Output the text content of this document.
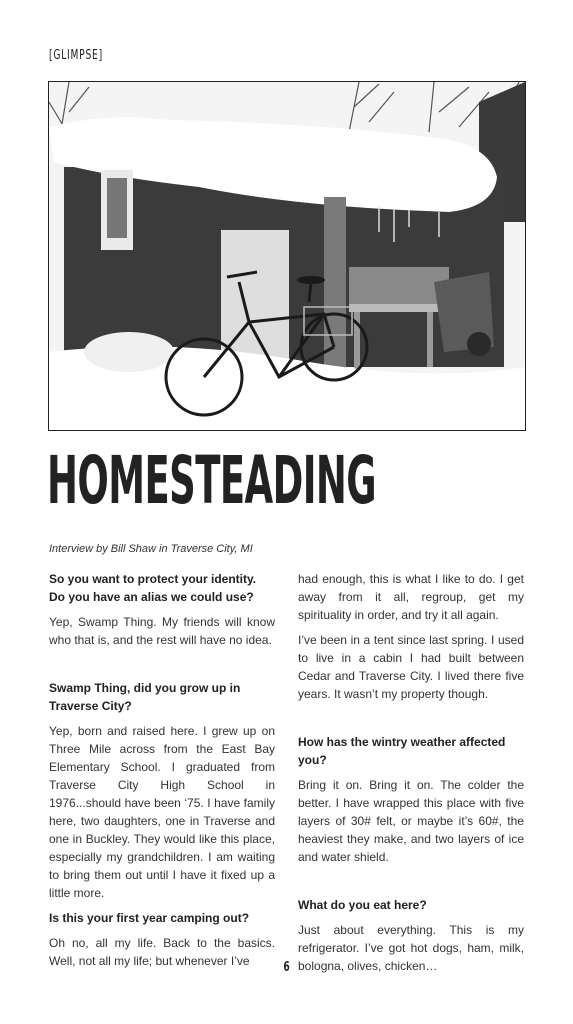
[GLIMPSE]
HOMESTEADING
Interview by Bill Shaw in Traverse City, MI

So you want to protect your identity. Do you have an alias we could use?

Yep, Swamp Thing. My friends will know who that is, and the rest will have no idea.

Swamp Thing, did you grow up in Traverse City?

Yep, born and raised here. I grew up on Three Mile across from the East Bay Elementary School. I graduated from Traverse City High School in 1976...should have been ‘75. I have family here, two daughters, one in Traverse and one in Buckley. They would like this place, especially my grandchildren. I am waiting to bring them out until I have it fixed up a little more.

Is this your first year camping out?

Oh no, all my life. Back to the basics. Well, not all my life; but whenever I’ve

had enough, this is what I like to do. I get away from it all, regroup, get my spirituality in order, and try it all again.

I’ve been in a tent since last spring. I used to live in a cabin I had built between Cedar and Traverse City. I lived there five years. It wasn’t my property though.

How has the wintry weather affected you?

Bring it on. Bring it on. The colder the better. I have wrapped this place with five layers of 30# felt, or maybe it’s 60#, the heaviest they make, and two layers of ice and water shield.

What do you eat here?

Just about everything. This is my refrigerator. I’ve got hot dogs, ham, milk, bologna, olives, chicken…

6
